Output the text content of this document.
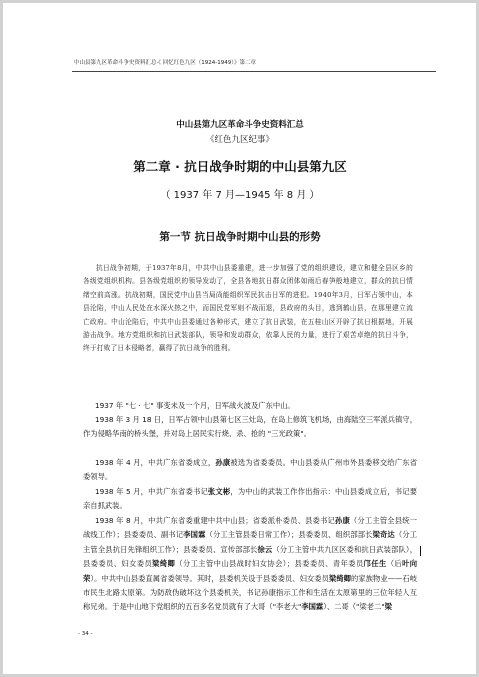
中山县第九区革命斗争史资料汇总·《 回忆红色九区（1924-1949）》第二章
中山县第九区革命斗争史资料汇总
《红色九区纪事》
第二章 · 抗日战争时期的中山县第九区
（ 1937 年 7 月—1945 年 8 月 ）
第一节 抗日战争时期中山县的形势

抗日战争初期，于1937年8月，中共中山县委重建，进一步加强了党的组织建设，建立和健全县区乡的各级党组织机构。县各级党组织的领导发动了，全县各地抗日群众团体如雨后春笋般地建立，群众的抗日情绪空前高涨。抗战初期，国民党中山县当局尚能组织军民抗击日军的进犯。1940年3月，日军占领中山，本县沦陷，中山人民处在水深火热之中，而国民党军则不战而退，县政府的头目，逃到鹤山县，在那里建立流亡政府。中山沦陷后，中共中山县委通过各种形式，建立了抗日武装，在五桂山区开辟了抗日根据地，开展游击战争。地方党组织和抗日武装部队，领导和发动群众，依靠人民的力量，进行了艰苦卓绝的抗日斗争，终于打败了日本侵略者，赢得了抗日战争的胜利。

1937 年 "七 · 七" 事变未及一个月，日军战火波及广东中山。

1938 年 3 月 18 日，日军占领中山县第七区三灶岛，在岛上修筑飞机场，由海陆空三军派兵镇守，作为侵略华南的桥头堡，并对岛上居民实行烧、杀、抢的 "三光政策"。

1938 年 4 月，中共广东省委成立，孙康被选为省委委员。中山县委从广州市外县委移交给广东省委领导。

1938 年 5 月，中共广东省委书记张文彬，为中山的武装工作作出指示：中山县委成立后，书记要亲自抓武装。

1938 年 8 月，中共广东省委重建中共中山县；省委派朴委员、县委书记孙康（分工主管全县统一战线工作）；县委委员、副书记李国霖（分工主管县委日常工作）；县委委员、组织部部长梁奇达（分工主管全县抗日先锋组织工作）；县委委员、宣传部部长徐云（分工主管中共九区区委和抗日武装部队），县委委员、妇女委员梁绮卿（分工主管中山县战时妇女协会）；县委委员、青年委员邝任生（后叶向荣）。中共中山县委直属省委领导。其时，县委机关设于县委委员、妇女委员梁绮卿的家族物业——石岐市民生北路太原第。为防敌伪破坏这个县委机关，书记孙康指示工作和生活在太原第里的三位年轻人互称兄弟。于是中山地下党组织的五百多名党员就有了大哥（"李老大"李国霖）、二哥（"梁老二"梁

- 34 -
